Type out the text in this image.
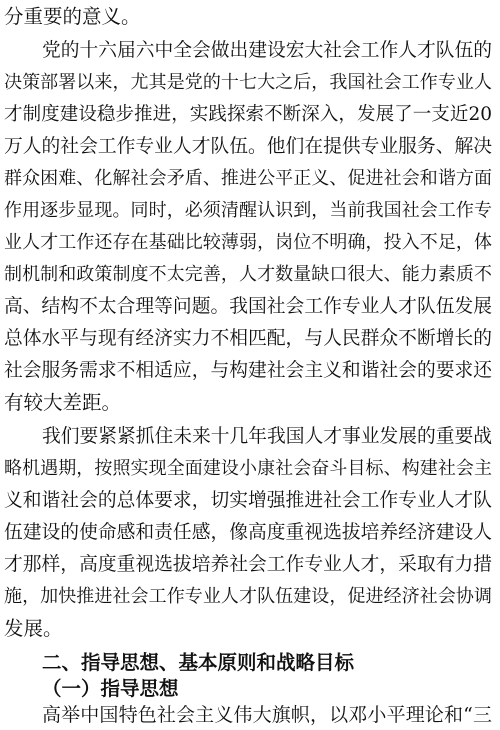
分重要的意义。
党的十六届六中全会做出建设宏大社会工作人才队伍的
决策部署以来，尤其是党的十七大之后，我国社会工作专业人
才制度建设稳步推进，实践探索不断深入，发展了一支近20
万人的社会工作专业人才队伍。他们在提供专业服务、解决
群众困难、化解社会矛盾、推进公平正义、促进社会和谐方面
作用逐步显现。同时，必须清醒认识到，当前我国社会工作专
业人才工作还存在基础比较薄弱，岗位不明确，投入不足，体
制机制和政策制度不太完善，人才数量缺口很大、能力素质不
高、结构不太合理等问题。我国社会工作专业人才队伍发展
总体水平与现有经济实力不相匹配，与人民群众不断增长的
社会服务需求不相适应，与构建社会主义和谐社会的要求还
有较大差距。
我们要紧紧抓住未来十几年我国人才事业发展的重要战
略机遇期，按照实现全面建设小康社会奋斗目标、构建社会主
义和谐社会的总体要求，切实增强推进社会工作专业人才队
伍建设的使命感和责任感，像高度重视选拔培养经济建设人
才那样，高度重视选拔培养社会工作专业人才，采取有力措
施，加快推进社会工作专业人才队伍建设，促进经济社会协调
发展。
二、指导思想、基本原则和战略目标
（一）指导思想
高举中国特色社会主义伟大旗帜，以邓小平理论和“三
